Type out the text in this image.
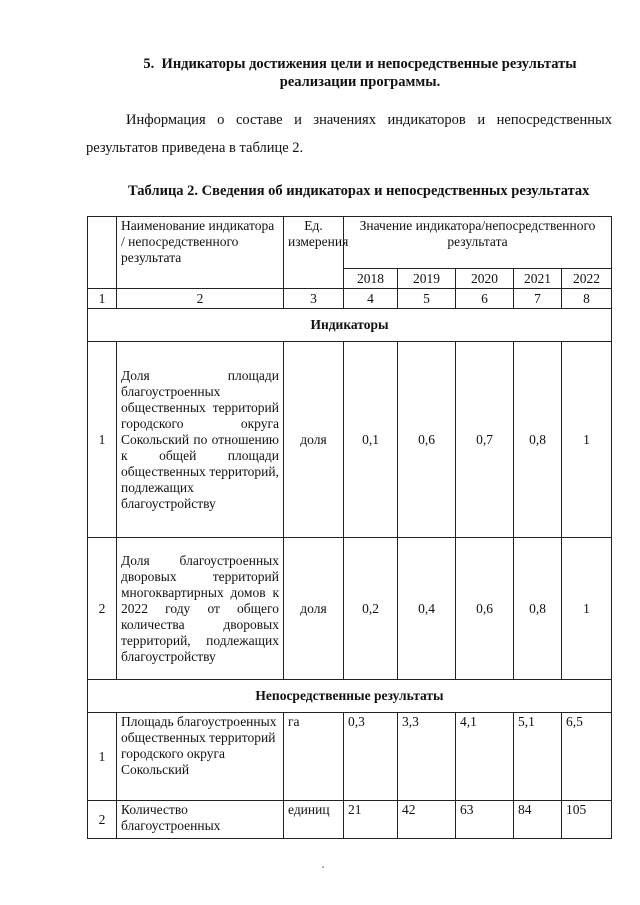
5. Индикаторы достижения цели и непосредственные результаты
реализации программы.
Информация о составе и значениях индикаторов и непосредственных результатов приведена в таблице 2.
Таблица 2. Сведения об индикаторах и непосредственных результатах
	Наименование индикатора / непосредственного результата	Ед. измерения	Значение индикатора/непосредственного результата				
			2018	2019	2020	2021	2022
1	2	3	4	5	6	7	8
Индикаторы							
1	Доля площади благоустроенных общественных территорий городского округа Сокольский по отношению к общей площади общественных территорий, подлежащих благоустройству	доля	0,1	0,6	0,7	0,8	1
2	Доля благоустроенных дворовых территорий многоквартирных домов к 2022 году от общего количества дворовых территорий, подлежащих благоустройству	доля	0,2	0,4	0,6	0,8	1
Непосредственные результаты							
1	Площадь благоустроенных общественных территорий городского округа Сокольский	га	0,3	3,3	4,1	5,1	6,5
2	Количество благоустроенных	единиц	21	42	63	84	105
